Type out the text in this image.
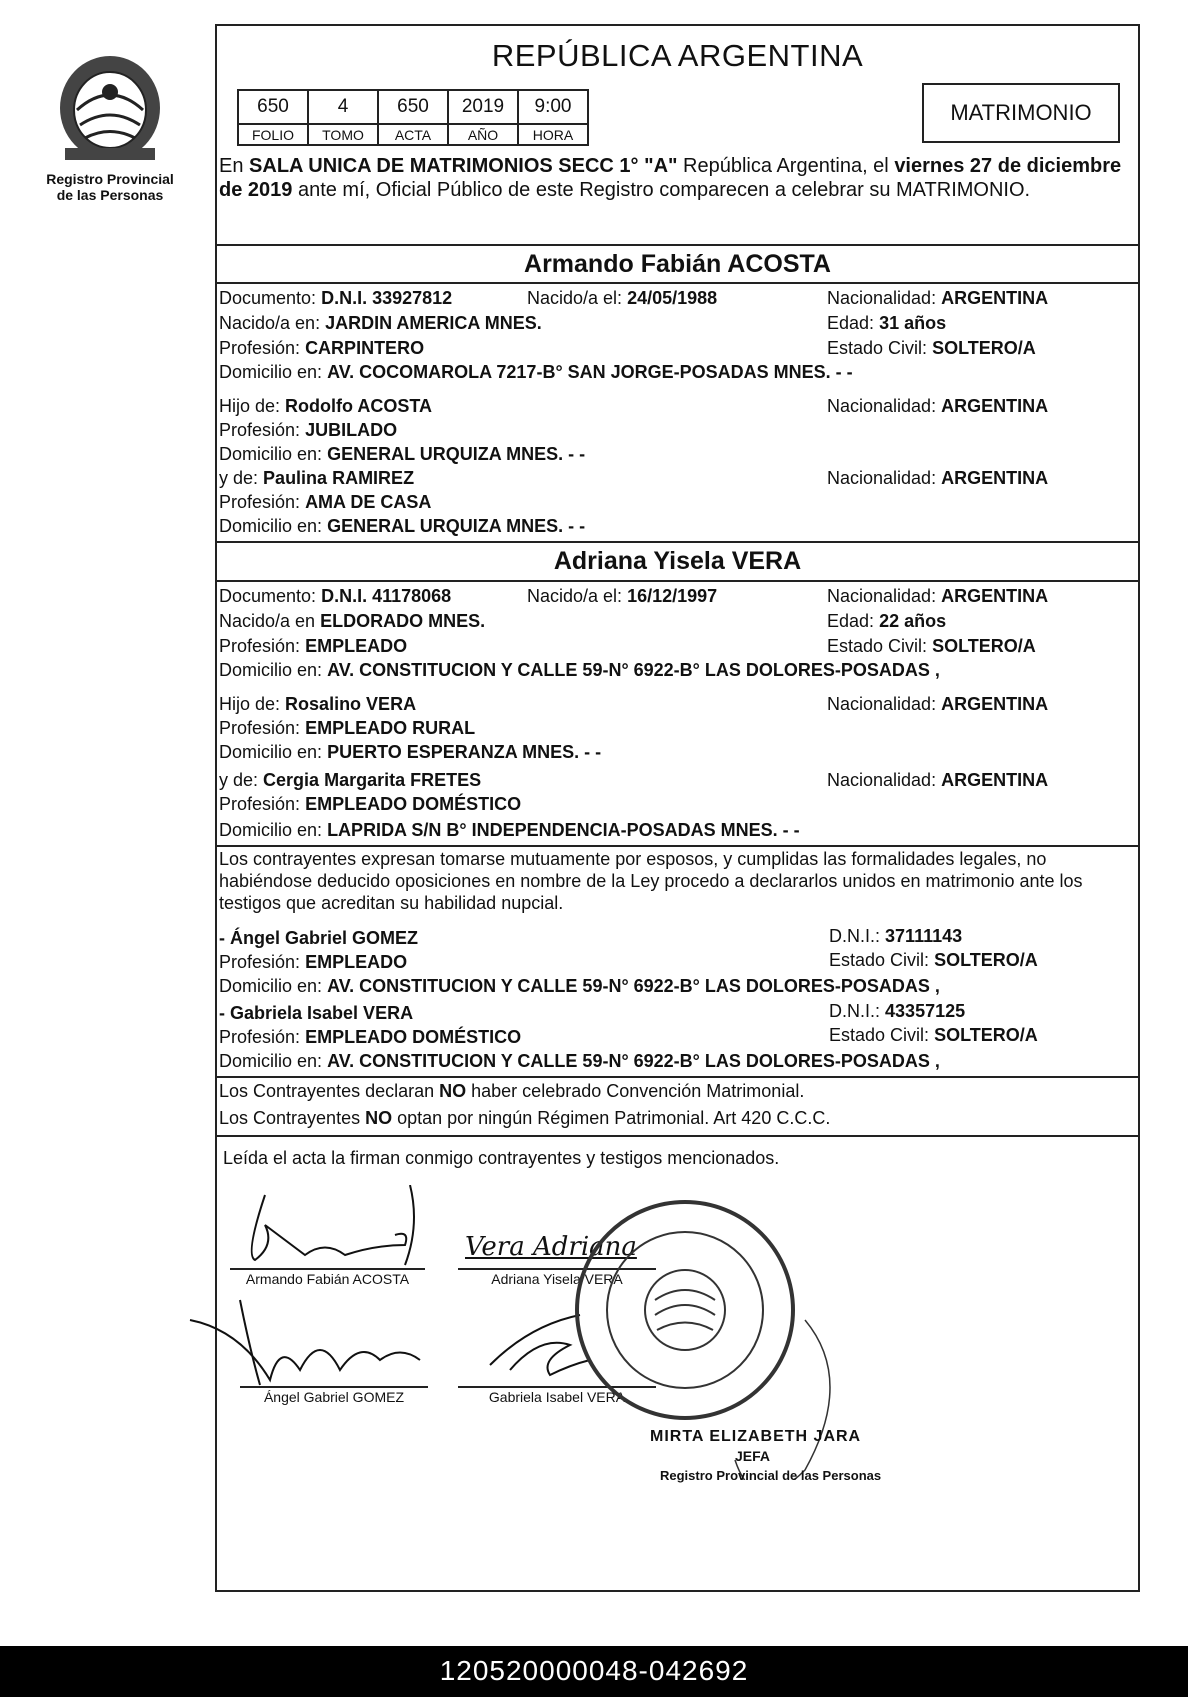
Registro Provincial
de las Personas
REPÚBLICA ARGENTINA
650	4	650	2019	9:00
FOLIO	TOMO	ACTA	AÑO	HORA
MATRIMONIO
En SALA UNICA DE MATRIMONIOS SECC 1° "A" República Argentina, el viernes 27 de diciembre de 2019 ante mí, Oficial Público de este Registro comparecen a celebrar su MATRIMONIO.
Armando Fabián ACOSTA
Documento: D.N.I. 33927812	Nacido/a el: 24/05/1988	Nacionalidad: ARGENTINA
Nacido/a en: JARDIN AMERICA MNES.	Edad: 31 años
Profesión: CARPINTERO	Estado Civil: SOLTERO/A
Domicilio en: AV. COCOMAROLA 7217-B° SAN JORGE-POSADAS MNES. - -
Hijo de: Rodolfo ACOSTA	Nacionalidad: ARGENTINA
Profesión: JUBILADO
Domicilio en: GENERAL URQUIZA MNES. - -
y de: Paulina RAMIREZ	Nacionalidad: ARGENTINA
Profesión: AMA DE CASA
Domicilio en: GENERAL URQUIZA MNES. - -
Adriana Yisela VERA
Documento: D.N.I. 41178068	Nacido/a el: 16/12/1997	Nacionalidad: ARGENTINA
Nacido/a en ELDORADO MNES.	Edad: 22 años
Profesión: EMPLEADO	Estado Civil: SOLTERO/A
Domicilio en: AV. CONSTITUCION Y CALLE 59-N° 6922-B° LAS DOLORES-POSADAS ,
Hijo de: Rosalino VERA	Nacionalidad: ARGENTINA
Profesión: EMPLEADO RURAL
Domicilio en: PUERTO ESPERANZA MNES. - -
y de: Cergia Margarita FRETES	Nacionalidad: ARGENTINA
Profesión: EMPLEADO DOMÉSTICO
Domicilio en: LAPRIDA S/N B° INDEPENDENCIA-POSADAS MNES. - -
Los contrayentes expresan tomarse mutuamente por esposos, y cumplidas las formalidades legales, no habiéndose deducido oposiciones en nombre de la Ley procedo a declararlos unidos en matrimonio ante los testigos que acreditan su habilidad nupcial.
- Ángel Gabriel GOMEZ	D.N.I.: 37111143
Profesión: EMPLEADO	Estado Civil: SOLTERO/A
Domicilio en: AV. CONSTITUCION Y CALLE 59-N° 6922-B° LAS DOLORES-POSADAS ,
- Gabriela Isabel VERA	D.N.I.: 43357125
Profesión: EMPLEADO DOMÉSTICO	Estado Civil: SOLTERO/A
Domicilio en: AV. CONSTITUCION Y CALLE 59-N° 6922-B° LAS DOLORES-POSADAS ,
Los Contrayentes declaran NO haber celebrado Convención Matrimonial.
Los Contrayentes NO optan por ningún Régimen Patrimonial. Art 420 C.C.C.
Leída el acta la firman conmigo contrayentes y testigos mencionados.
Armando Fabián ACOSTA
Vera Adriana
Adriana Yisela VERA
Ángel Gabriel GOMEZ	Gabriela Isabel VERA
MIRTA ELIZABETH JARA
JEFA
Registro Provincial de las Personas
120520000048-042692
